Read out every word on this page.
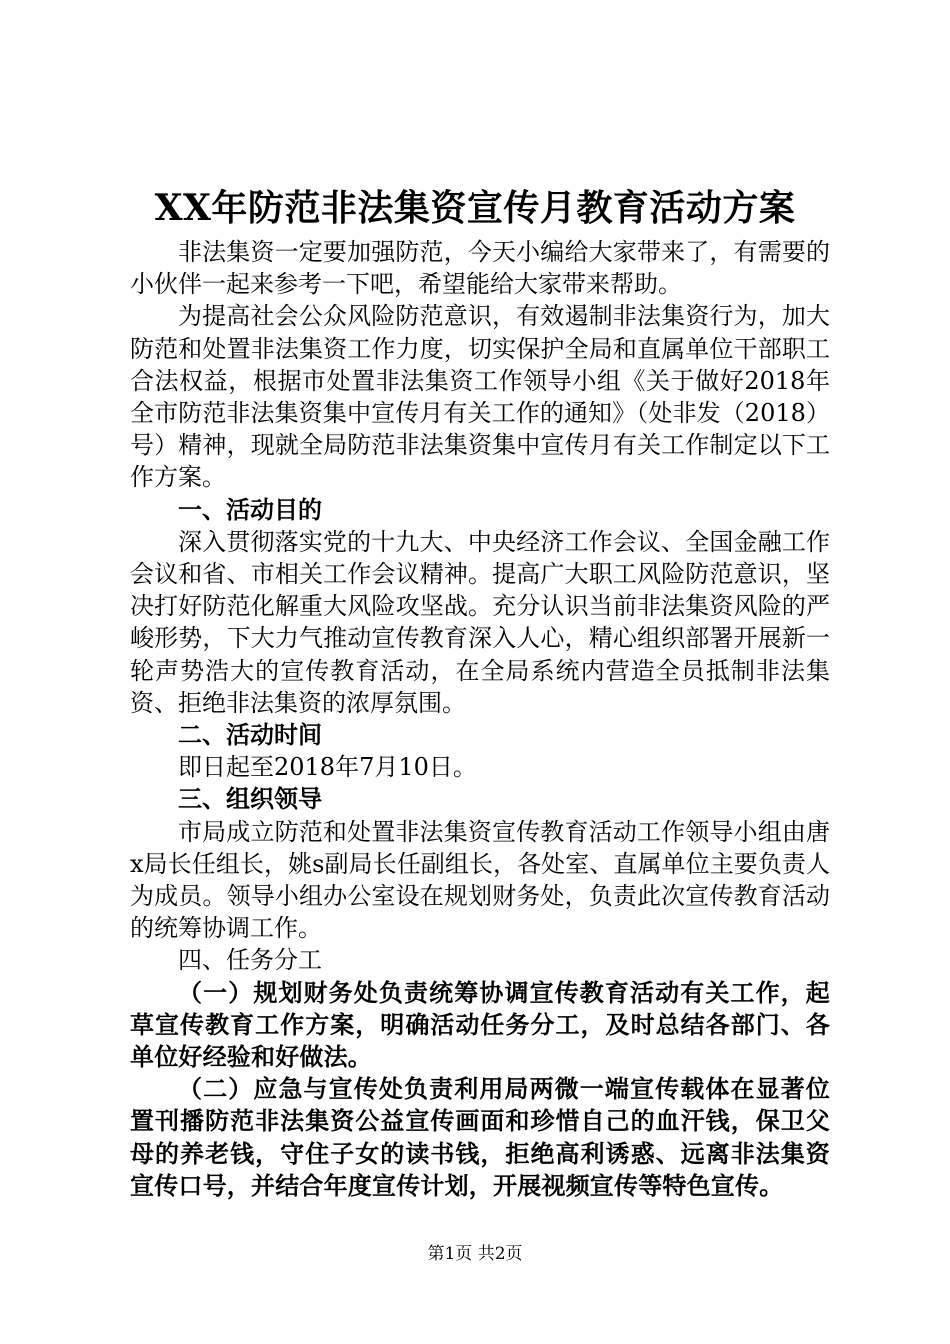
XX年防范非法集资宣传月教育活动方案

非法集资一定要加强防范，今天小编给大家带来了，有需要的小伙伴一起来参考一下吧，希望能给大家带来帮助。

为提高社会公众风险防范意识，有效遏制非法集资行为，加大防范和处置非法集资工作力度，切实保护全局和直属单位干部职工合法权益，根据市处置非法集资工作领导小组《关于做好2018年全市防范非法集资集中宣传月有关工作的通知》（处非发（2018）号）精神，现就全局防范非法集资集中宣传月有关工作制定以下工作方案。

一、活动目的

深入贯彻落实党的十九大、中央经济工作会议、全国金融工作会议和省、市相关工作会议精神。提高广大职工风险防范意识，坚决打好防范化解重大风险攻坚战。充分认识当前非法集资风险的严峻形势，下大力气推动宣传教育深入人心，精心组织部署开展新一轮声势浩大的宣传教育活动，在全局系统内营造全员抵制非法集资、拒绝非法集资的浓厚氛围。

二、活动时间

即日起至2018年7月10日。

三、组织领导

市局成立防范和处置非法集资宣传教育活动工作领导小组由唐x局长任组长，姚s副局长任副组长，各处室、直属单位主要负责人为成员。领导小组办公室设在规划财务处，负责此次宣传教育活动的统筹协调工作。

四、任务分工

（一）规划财务处负责统筹协调宣传教育活动有关工作，起草宣传教育工作方案，明确活动任务分工，及时总结各部门、各单位好经验和好做法。

（二）应急与宣传处负责利用局两微一端宣传载体在显著位置刊播防范非法集资公益宣传画面和珍惜自己的血汗钱，保卫父母的养老钱，守住子女的读书钱，拒绝高利诱惑、远离非法集资宣传口号，并结合年度宣传计划，开展视频宣传等特色宣传。

第1页 共2页
